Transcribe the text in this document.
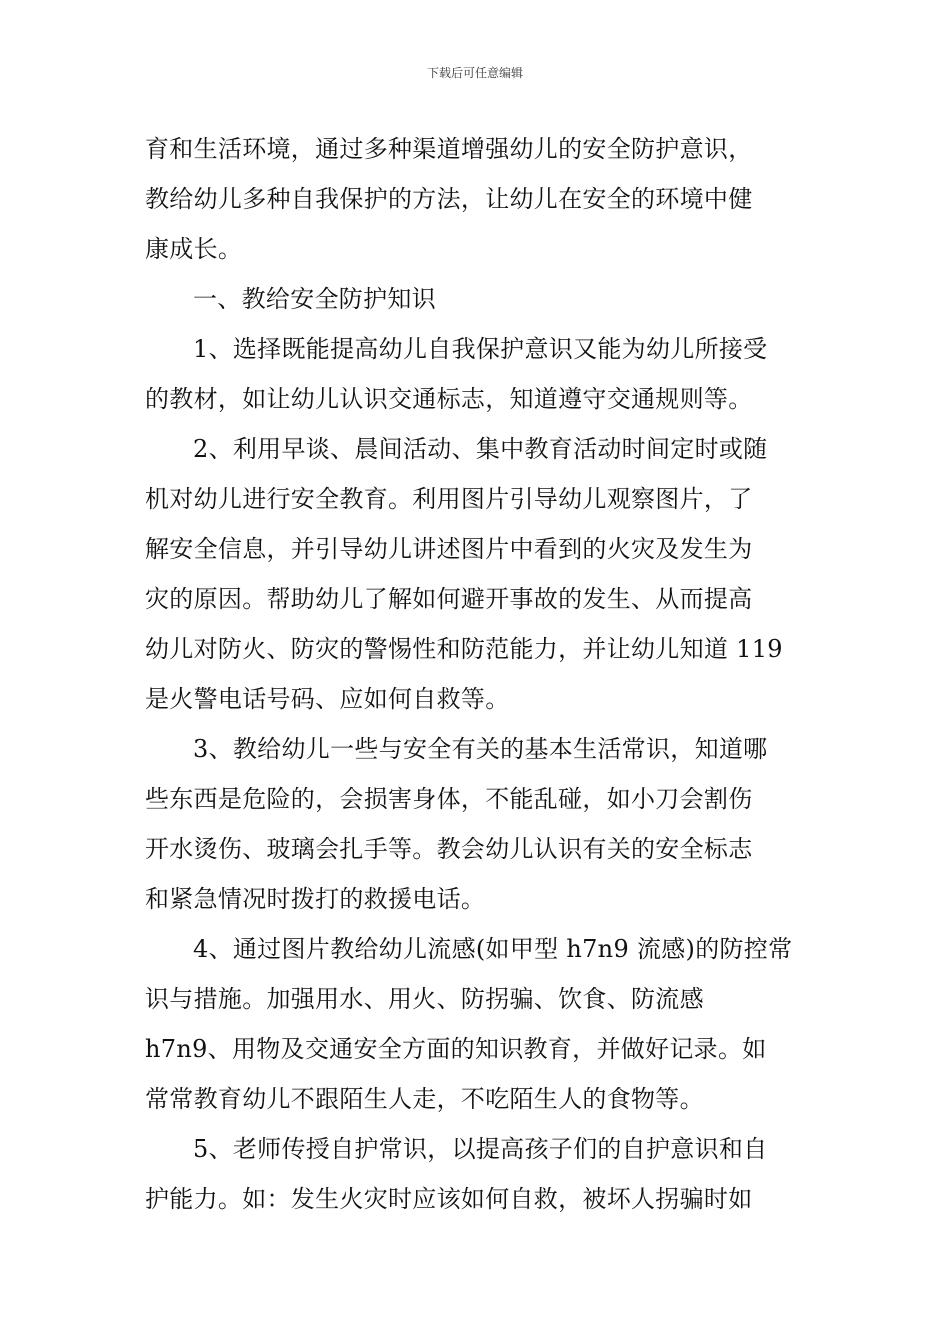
下载后可任意编辑
育和生活环境，通过多种渠道增强幼儿的安全防护意识，
教给幼儿多种自我保护的方法，让幼儿在安全的环境中健
康成长。
一、教给安全防护知识
1、选择既能提高幼儿自我保护意识又能为幼儿所接受
的教材，如让幼儿认识交通标志，知道遵守交通规则等。
2、利用早谈、晨间活动、集中教育活动时间定时或随
机对幼儿进行安全教育。利用图片引导幼儿观察图片，了
解安全信息，并引导幼儿讲述图片中看到的火灾及发生为
灾的原因。帮助幼儿了解如何避开事故的发生、从而提高
幼儿对防火、防灾的警惕性和防范能力，并让幼儿知道 119
是火警电话号码、应如何自救等。
3、教给幼儿一些与安全有关的基本生活常识，知道哪
些东西是危险的，会损害身体，不能乱碰，如小刀会割伤
开水烫伤、玻璃会扎手等。教会幼儿认识有关的安全标志
和紧急情况时拨打的救援电话。
4、通过图片教给幼儿流感(如甲型 h7n9 流感)的防控常
识与措施。加强用水、用火、防拐骗、饮食、防流感
h7n9、用物及交通安全方面的知识教育，并做好记录。如
常常教育幼儿不跟陌生人走，不吃陌生人的食物等。
5、老师传授自护常识，以提高孩子们的自护意识和自
护能力。如：发生火灾时应该如何自救，被坏人拐骗时如
